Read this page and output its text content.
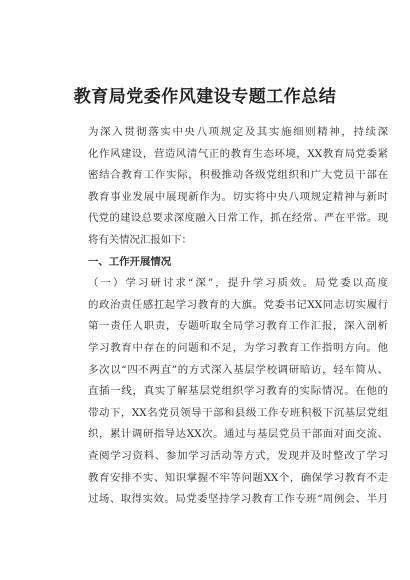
教育局党委作风建设专题工作总结
为深入贯彻落实中央八项规定及其实施细则精神，持续深
化作风建设，营造风清气正的教育生态环境，XX教育局党委紧
密结合教育工作实际，积极推动各级党组织和广大党员干部在
教育事业发展中展现新作为。切实将中央八项规定精神与新时
代党的建设总要求深度融入日常工作，抓在经常、严在平常。现
将有关情况汇报如下：
一、工作开展情况
（一）学习研讨求“深”，提升学习质效。局党委以高度
的政治责任感扛起学习教育的大旗。党委书记XX同志切实履行
第一责任人职责，专题听取全局学习教育工作汇报，深入剖析
学习教育中存在的问题和不足，为学习教育工作指明方向。他
多次以“四不两直”的方式深入基层学校调研暗访，轻车简从、
直插一线，真实了解基层党组织学习教育的实际情况。在他的
带动下，XX名党员领导干部和县级工作专班积极下沉基层党组
织，累计调研指导达XX次。通过与基层党员干部面对面交流、
查阅学习资料、参加学习活动等方式，发现并及时整改了学习
教育安排不实、知识掌握不牢等问题XX个，确保学习教育不走
过场、取得实效。局党委坚持学习教育工作专班“周例会、半月
